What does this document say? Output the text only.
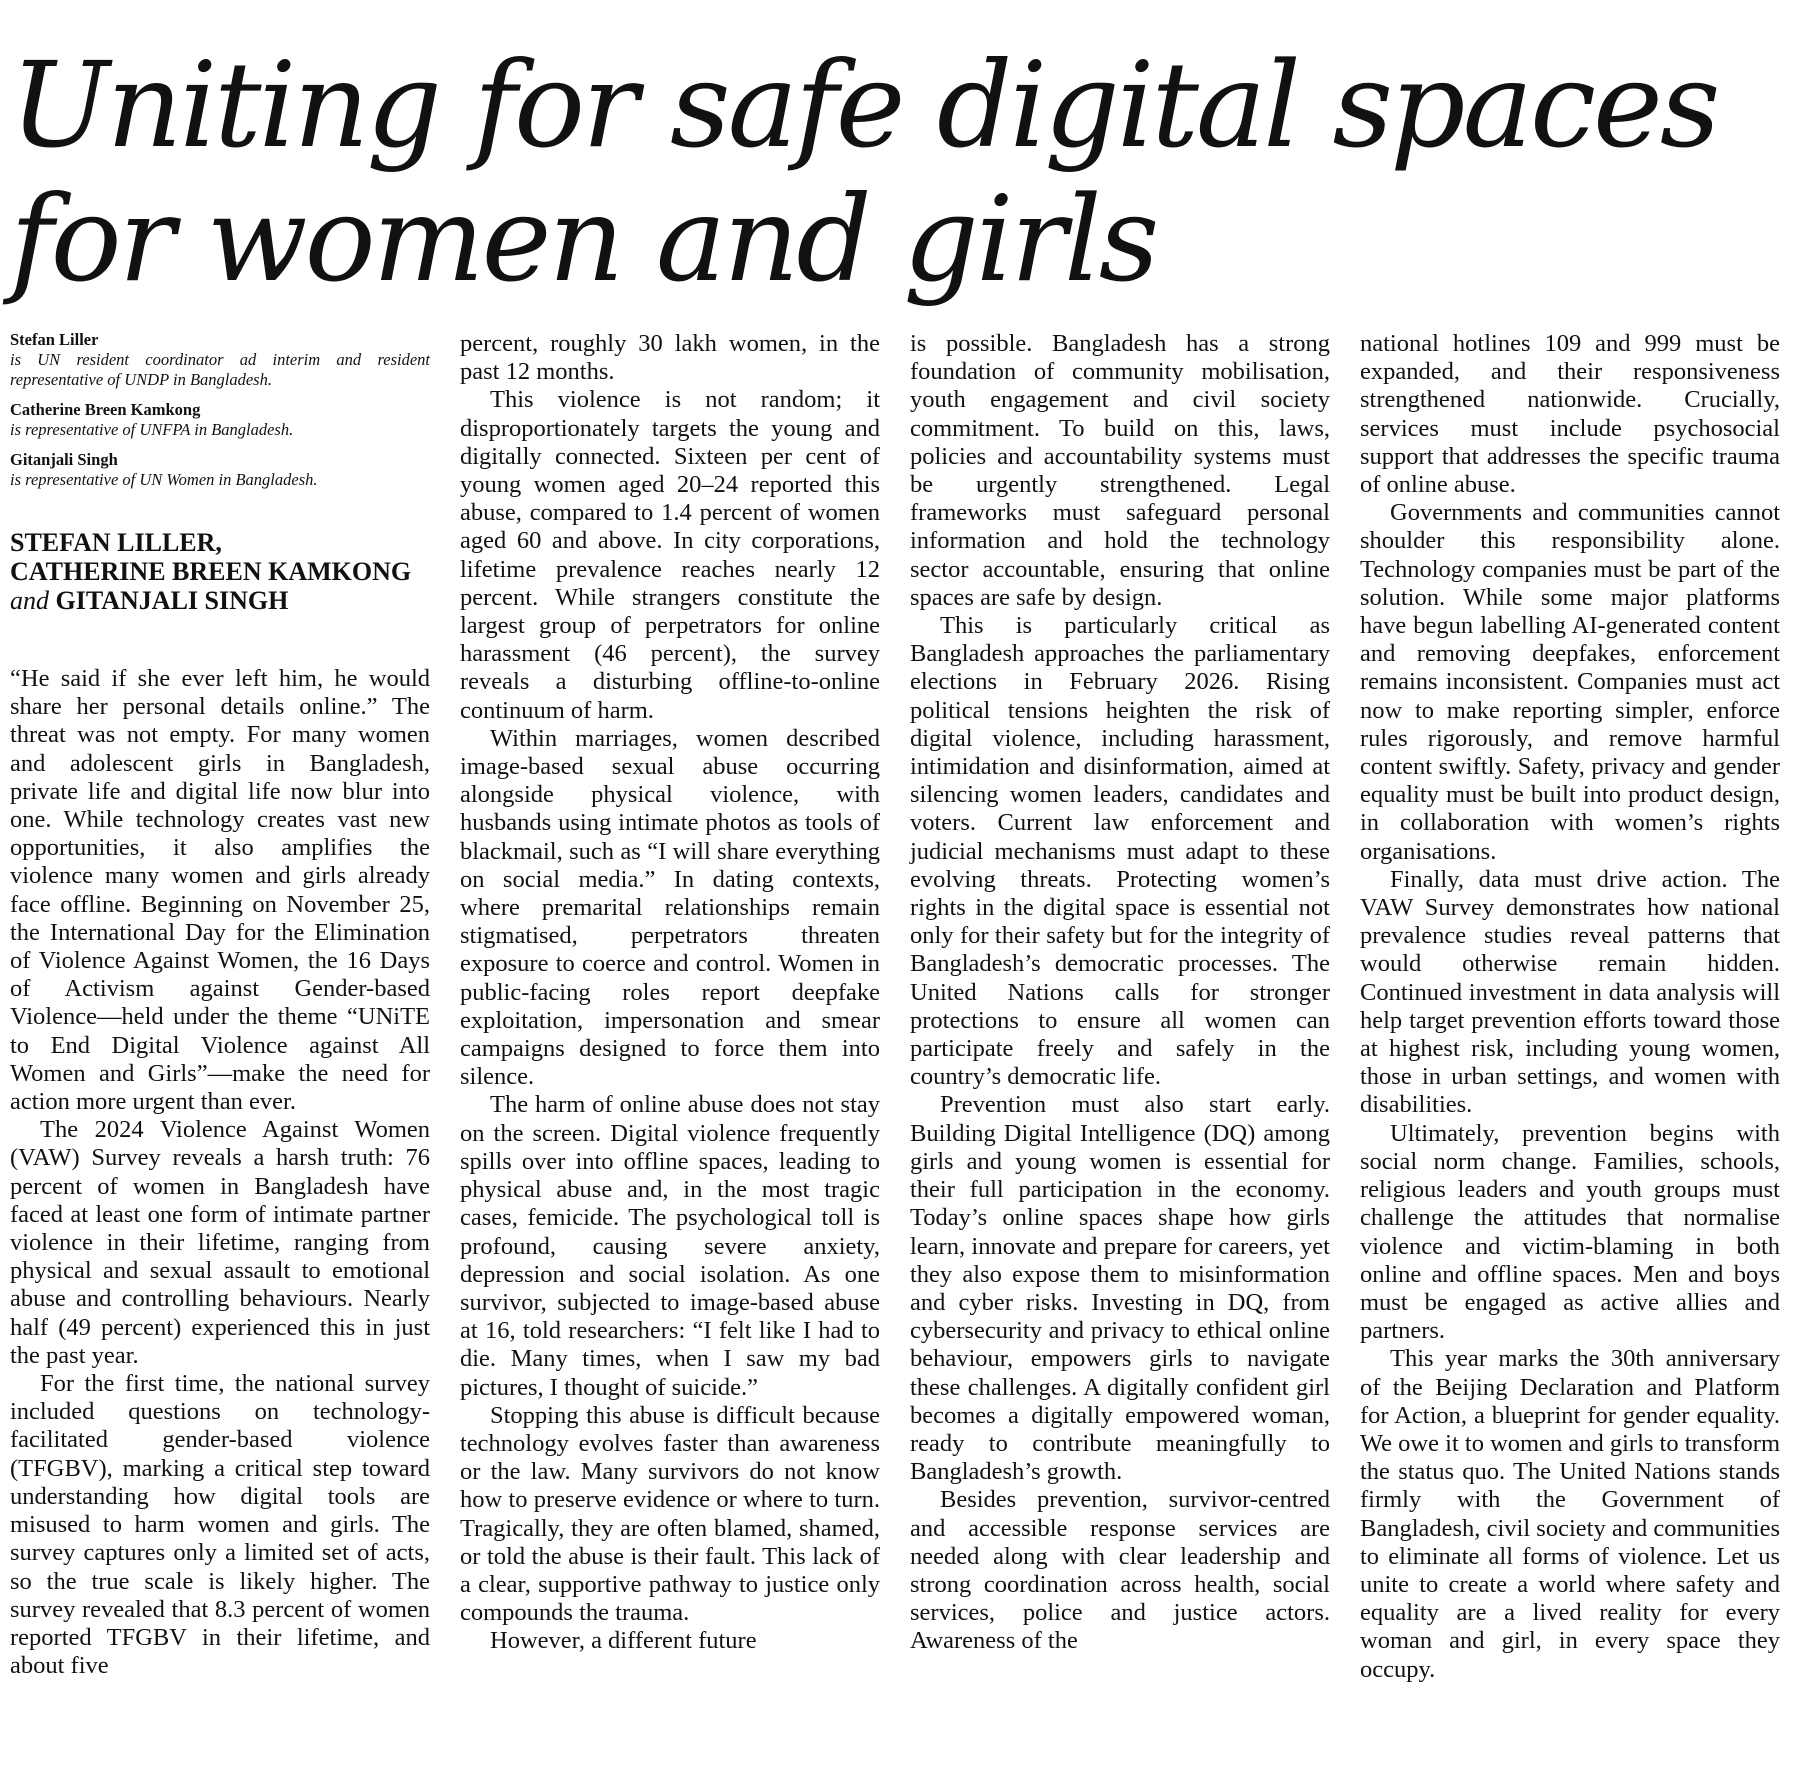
Uniting for safe digital spaces
for women and girls
Stefan Liller
is UN resident coordinator ad interim and resident representative of UNDP in Bangladesh.
Catherine Breen Kamkong
is representative of UNFPA in Bangladesh.
Gitanjali Singh
is representative of UN Women in Bangladesh.
STEFAN LILLER,
CATHERINE BREEN KAMKONG
and GITANJALI SINGH

“He said if she ever left him, he would share her personal details online.” The threat was not empty. For many women and adolescent girls in Bangladesh, private life and digital life now blur into one. While technology creates vast new opportunities, it also amplifies the violence many women and girls already face offline. Beginning on November 25, the International Day for the Elimination of Violence Against Women, the 16 Days of Activism against Gender-based Violence—held under the theme “UNiTE to End Digital Violence against All Women and Girls”—make the need for action more urgent than ever.

The 2024 Violence Against Women (VAW) Survey reveals a harsh truth: 76 percent of women in Bangladesh have faced at least one form of intimate partner violence in their lifetime, ranging from physical and sexual assault to emotional abuse and controlling behaviours. Nearly half (49 percent) experienced this in just the past year.

For the first time, the national survey included questions on technology-facilitated gender-based violence (TFGBV), marking a critical step toward understanding how digital tools are misused to harm women and girls. The survey captures only a limited set of acts, so the true scale is likely higher. The survey revealed that 8.3 percent of women reported TFGBV in their lifetime, and about five

percent, roughly 30 lakh women, in the past 12 months.

This violence is not random; it disproportionately targets the young and digitally connected. Sixteen per cent of young women aged 20–24 reported this abuse, compared to 1.4 percent of women aged 60 and above. In city corporations, lifetime prevalence reaches nearly 12 percent. While strangers constitute the largest group of perpetrators for online harassment (46 percent), the survey reveals a disturbing offline-to-online continuum of harm.

Within marriages, women described image-based sexual abuse occurring alongside physical violence, with husbands using intimate photos as tools of blackmail, such as “I will share everything on social media.” In dating contexts, where premarital relationships remain stigmatised, perpetrators threaten exposure to coerce and control. Women in public-facing roles report deepfake exploitation, impersonation and smear campaigns designed to force them into silence.

The harm of online abuse does not stay on the screen. Digital violence frequently spills over into offline spaces, leading to physical abuse and, in the most tragic cases, femicide. The psychological toll is profound, causing severe anxiety, depression and social isolation. As one survivor, subjected to image-based abuse at 16, told researchers: “I felt like I had to die. Many times, when I saw my bad pictures, I thought of suicide.”

Stopping this abuse is difficult because technology evolves faster than awareness or the law. Many survivors do not know how to preserve evidence or where to turn. Tragically, they are often blamed, shamed, or told the abuse is their fault. This lack of a clear, supportive pathway to justice only compounds the trauma.

However, a different future

is possible. Bangladesh has a strong foundation of community mobilisation, youth engagement and civil society commitment. To build on this, laws, policies and accountability systems must be urgently strengthened. Legal frameworks must safeguard personal information and hold the technology sector accountable, ensuring that online spaces are safe by design.

This is particularly critical as Bangladesh approaches the parliamentary elections in February 2026. Rising political tensions heighten the risk of digital violence, including harassment, intimidation and disinformation, aimed at silencing women leaders, candidates and voters. Current law enforcement and judicial mechanisms must adapt to these evolving threats. Protecting women’s rights in the digital space is essential not only for their safety but for the integrity of Bangladesh’s democratic processes. The United Nations calls for stronger protections to ensure all women can participate freely and safely in the country’s democratic life.

Prevention must also start early. Building Digital Intelligence (DQ) among girls and young women is essential for their full participation in the economy. Today’s online spaces shape how girls learn, innovate and prepare for careers, yet they also expose them to misinformation and cyber risks. Investing in DQ, from cybersecurity and privacy to ethical online behaviour, empowers girls to navigate these challenges. A digitally confident girl becomes a digitally empowered woman, ready to contribute meaningfully to Bangladesh’s growth.

Besides prevention, survivor-centred and accessible response services are needed along with clear leadership and strong coordination across health, social services, police and justice actors. Awareness of the

national hotlines 109 and 999 must be expanded, and their responsiveness strengthened nationwide. Crucially, services must include psychosocial support that addresses the specific trauma of online abuse.

Governments and communities cannot shoulder this responsibility alone. Technology companies must be part of the solution. While some major platforms have begun labelling AI-generated content and removing deepfakes, enforcement remains inconsistent. Companies must act now to make reporting simpler, enforce rules rigorously, and remove harmful content swiftly. Safety, privacy and gender equality must be built into product design, in collaboration with women’s rights organisations.

Finally, data must drive action. The VAW Survey demonstrates how national prevalence studies reveal patterns that would otherwise remain hidden. Continued investment in data analysis will help target prevention efforts toward those at highest risk, including young women, those in urban settings, and women with disabilities.

Ultimately, prevention begins with social norm change. Families, schools, religious leaders and youth groups must challenge the attitudes that normalise violence and victim-blaming in both online and offline spaces. Men and boys must be engaged as active allies and partners.

This year marks the 30th anniversary of the Beijing Declaration and Platform for Action, a blueprint for gender equality. We owe it to women and girls to transform the status quo. The United Nations stands firmly with the Government of Bangladesh, civil society and communities to eliminate all forms of violence. Let us unite to create a world where safety and equality are a lived reality for every woman and girl, in every space they occupy.
